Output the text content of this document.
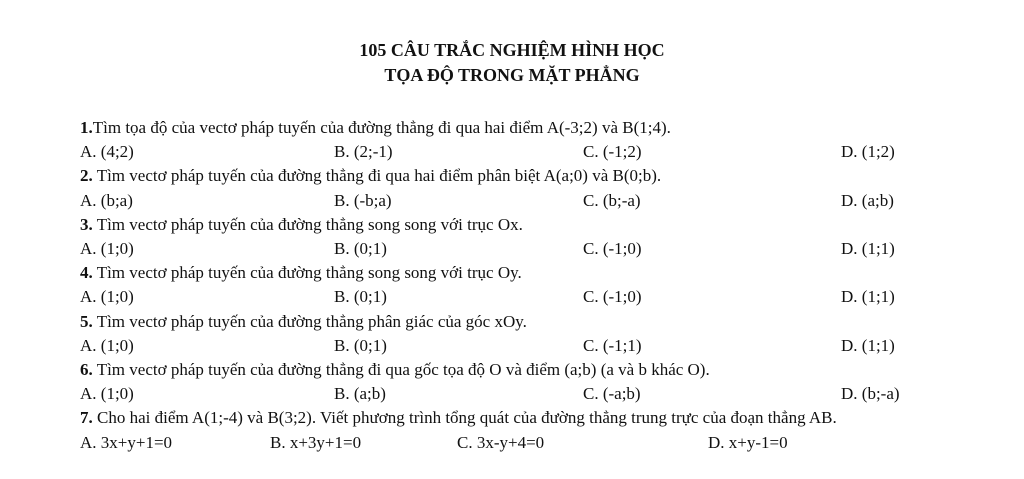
105 CÂU TRẮC NGHIỆM HÌNH HỌC
TỌA ĐỘ TRONG MẶT PHẲNG
1.Tìm tọa độ của vectơ pháp tuyến của đường thẳng đi qua hai điểm A(-3;2) và B(1;4).
A. (4;2)	B. (2;-1)	C. (-1;2)	D. (1;2)
2. Tìm vectơ pháp tuyến của đường thẳng đi qua hai điểm phân biệt A(a;0) và B(0;b).
A. (b;a)	B. (-b;a)	C. (b;-a)	D. (a;b)
3. Tìm vectơ pháp tuyến của đường thẳng song song với trục Ox.
A. (1;0)	B. (0;1)	C. (-1;0)	D. (1;1)
4. Tìm vectơ pháp tuyến của đường thẳng song song với trục Oy.
A. (1;0)	B. (0;1)	C. (-1;0)	D. (1;1)
5. Tìm vectơ pháp tuyến của đường thẳng phân giác của góc xOy.
A. (1;0)	B. (0;1)	C. (-1;1)	D. (1;1)
6. Tìm vectơ pháp tuyến của đường thẳng đi qua gốc tọa độ O và điểm (a;b) (a và b khác O).
A. (1;0)	B. (a;b)	C. (-a;b)	D. (b;-a)
7. Cho hai điểm A(1;-4) và B(3;2). Viết phương trình tổng quát của đường thẳng trung trực của đoạn thẳng AB.
A. 3x+y+1=0	B. x+3y+1=0	C. 3x-y+4=0	D. x+y-1=0
